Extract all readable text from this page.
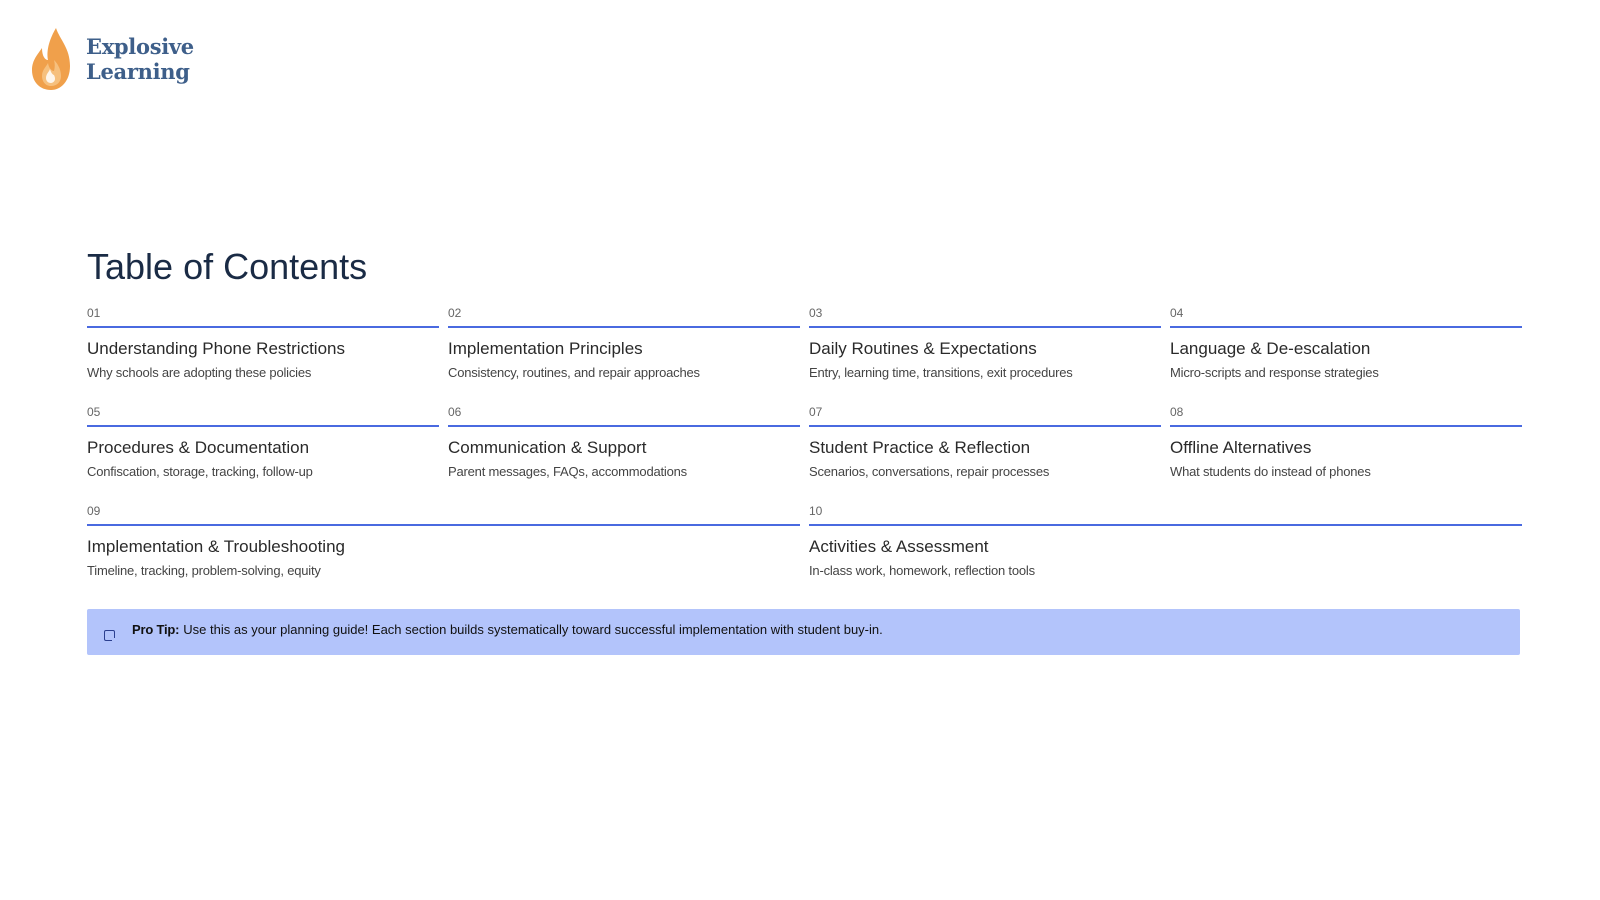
Explosive
Learning
Table of Contents
01
Understanding Phone Restrictions
Why schools are adopting these policies
02
Implementation Principles
Consistency, routines, and repair approaches
03
Daily Routines & Expectations
Entry, learning time, transitions, exit procedures
04
Language & De-escalation
Micro-scripts and response strategies
05
Procedures & Documentation
Confiscation, storage, tracking, follow-up
06
Communication & Support
Parent messages, FAQs, accommodations
07
Student Practice & Reflection
Scenarios, conversations, repair processes
08
Offline Alternatives
What students do instead of phones
09
Implementation & Troubleshooting
Timeline, tracking, problem-solving, equity
10
Activities & Assessment
In-class work, homework, reflection tools
Pro Tip: Use this as your planning guide! Each section builds systematically toward successful implementation with student buy-in.
